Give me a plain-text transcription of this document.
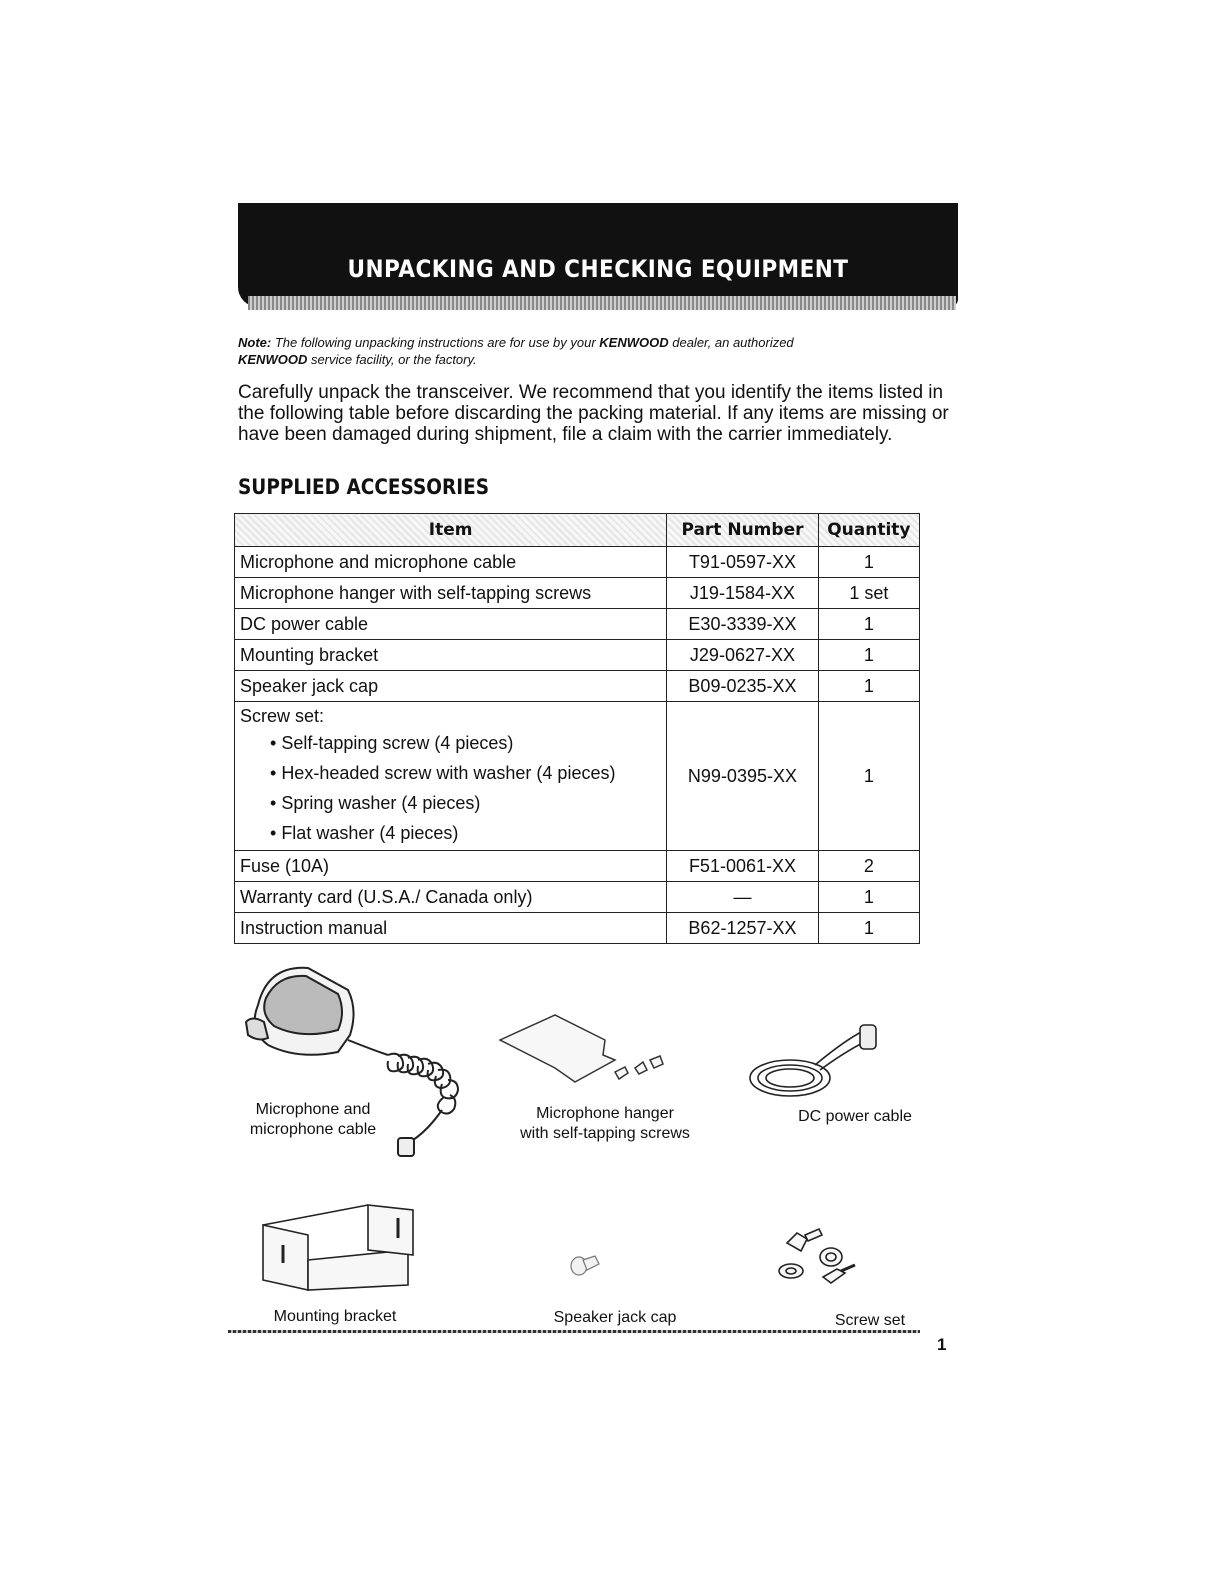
UNPACKING AND CHECKING EQUIPMENT
Note: The following unpacking instructions are for use by your KENWOOD dealer, an authorized
KENWOOD service facility, or the factory.
Carefully unpack the transceiver. We recommend that you identify the items listed in the following table before discarding the packing material. If any items are missing or have been damaged during shipment, file a claim with the carrier immediately.
SUPPLIED ACCESSORIES
Item	Part Number	Quantity
Microphone and microphone cable	T91-0597-XX	1
Microphone hanger with self-tapping screws	J19-1584-XX	1 set
DC power cable	E30-3339-XX	1
Mounting bracket	J29-0627-XX	1
Speaker jack cap	B09-0235-XX	1

Screw set:
• Self-tapping screw (4 pieces)
• Hex-headed screw with washer (4 pieces)
• Spring washer (4 pieces)
• Flat washer (4 pieces)	N99-0395-XX	1
Fuse (10A)	F51-0061-XX	2
Warranty card (U.S.A./ Canada only)	—	1
Instruction manual	B62-1257-XX	1
Microphone and
microphone cable
Microphone hanger
with self-tapping screws
DC power cable
Mounting bracket	Speaker jack cap	Screw set
1
